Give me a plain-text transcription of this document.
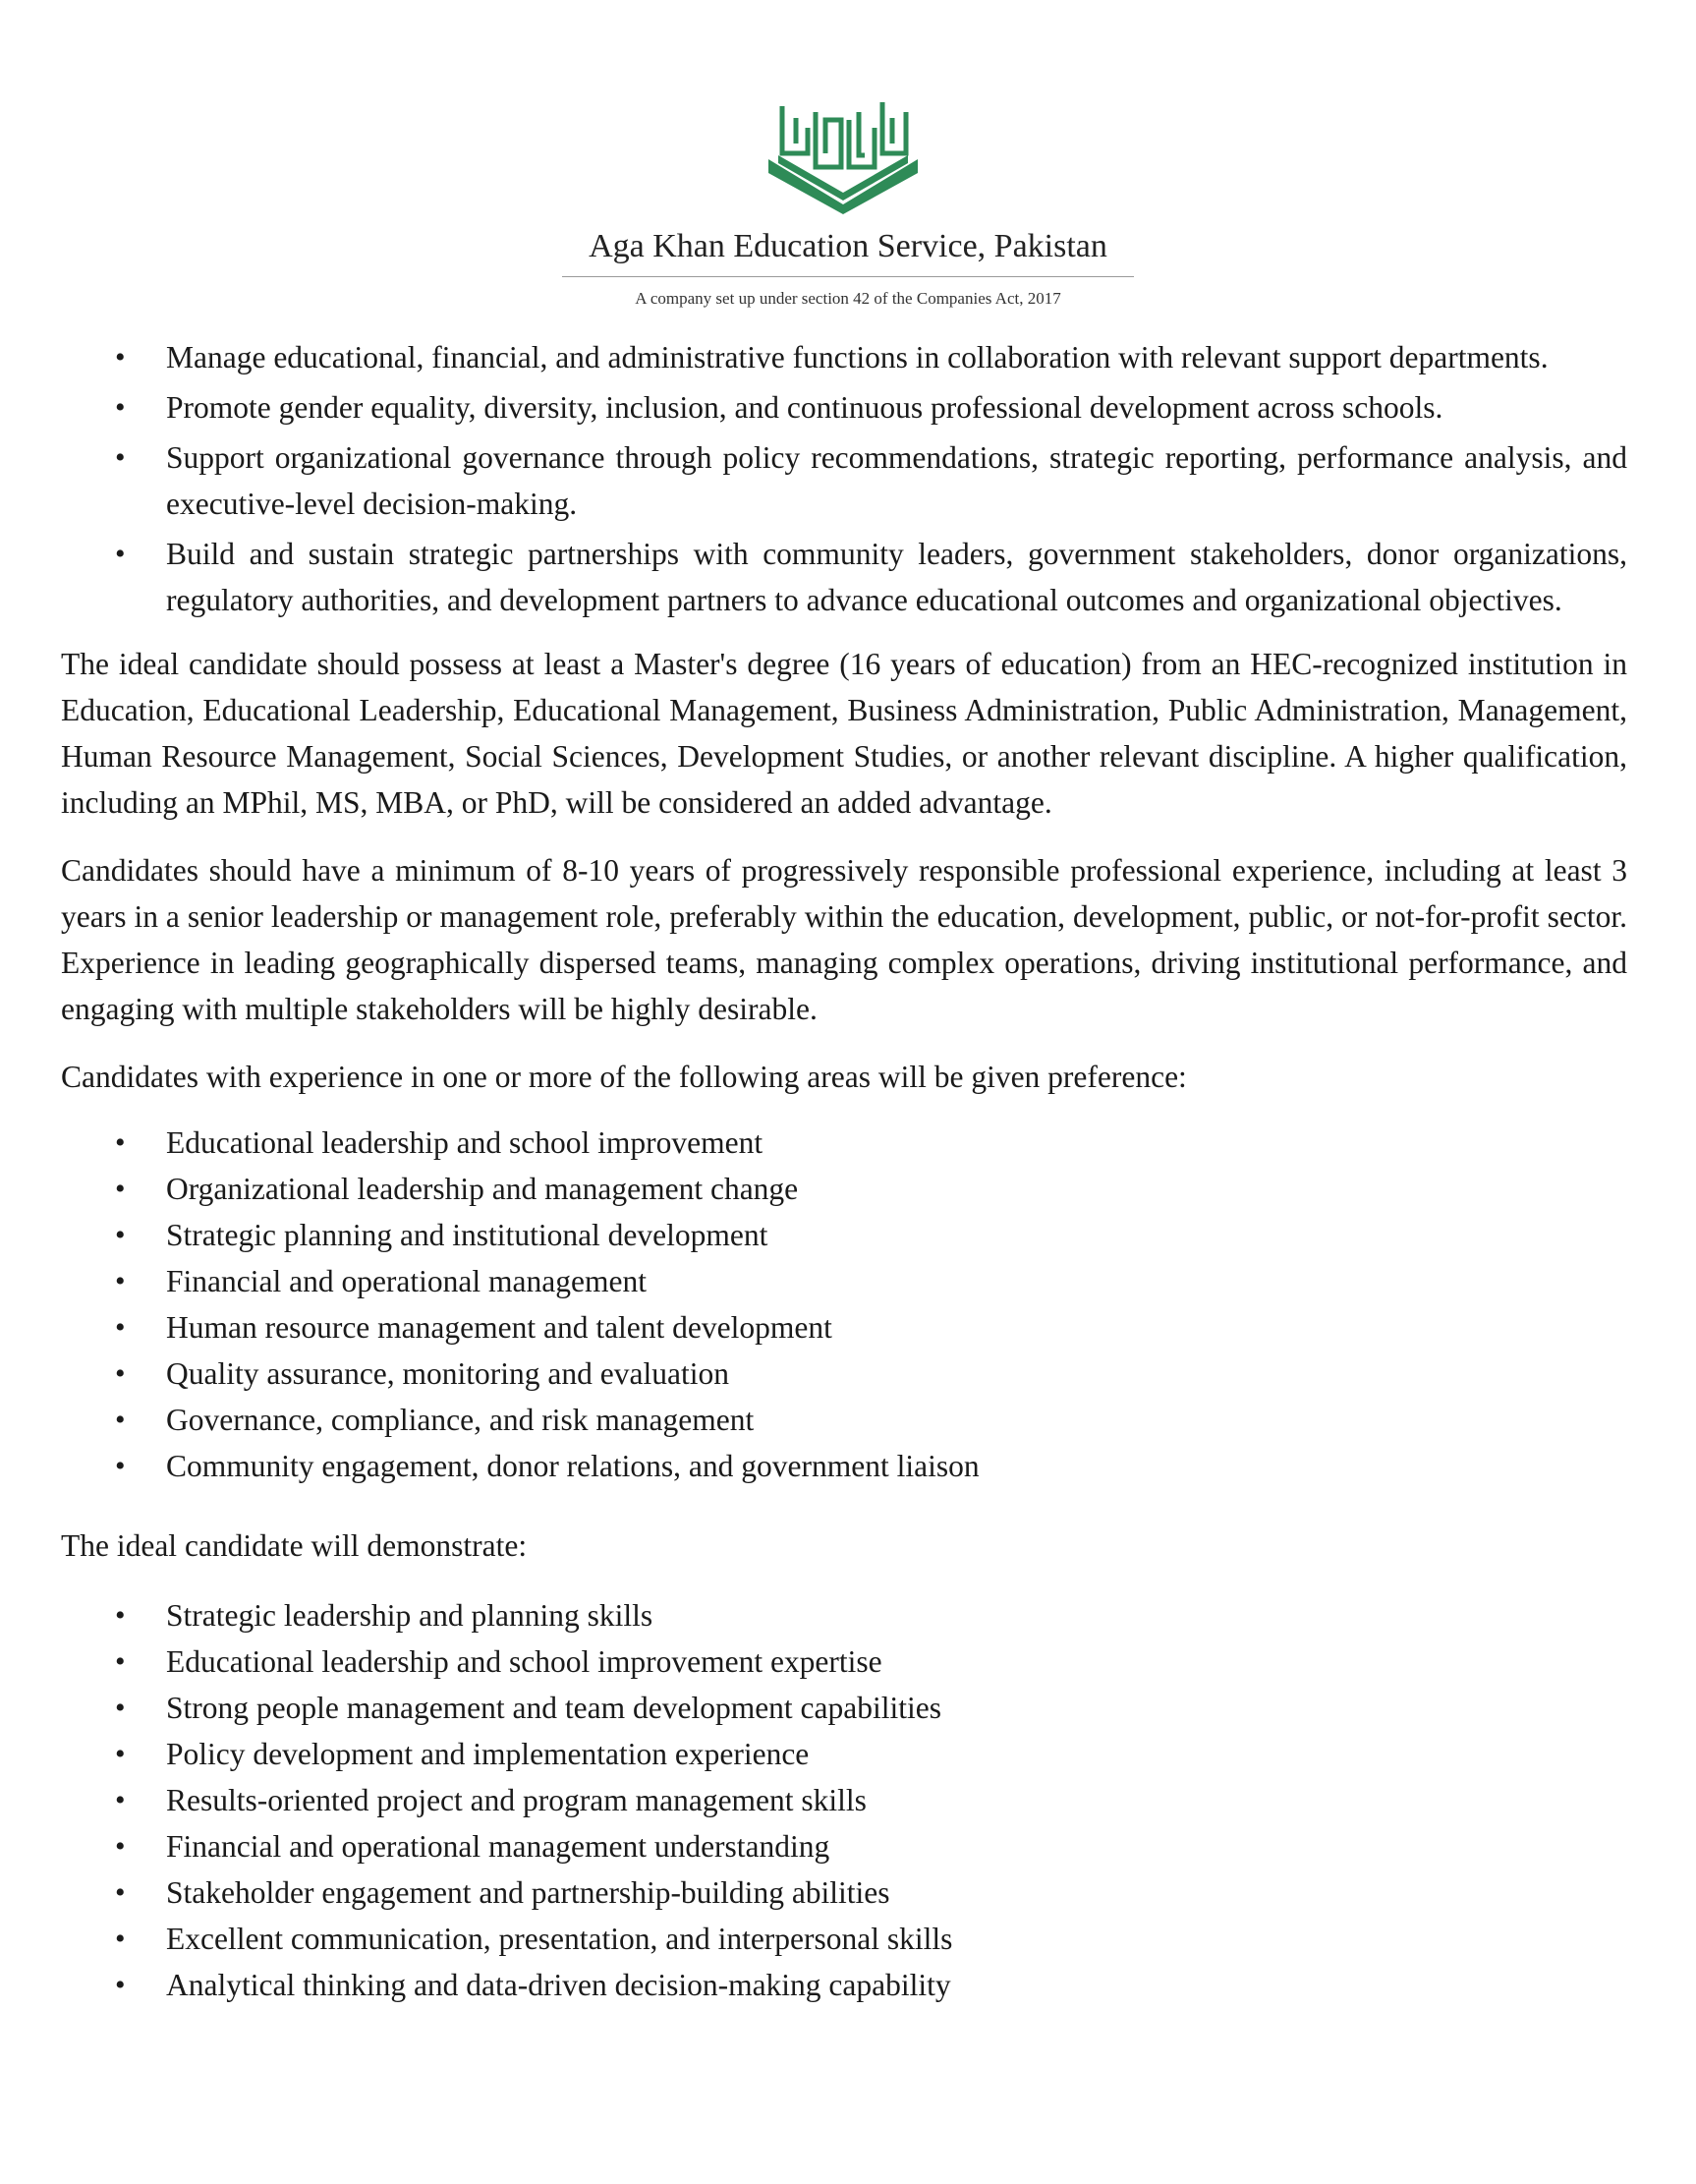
Aga Khan Education Service, Pakistan
A company set up under section 42 of the Companies Act, 2017
• Manage educational, financial, and administrative functions in collaboration with relevant support departments.
• Promote gender equality, diversity, inclusion, and continuous professional development across schools.
• Support organizational governance through policy recommendations, strategic reporting, performance analysis, and executive-level decision-making.
• Build and sustain strategic partnerships with community leaders, government stakeholders, donor organizations, regulatory authorities, and development partners to advance educational outcomes and organizational objectives.

The ideal candidate should possess at least a Master's degree (16 years of education) from an HEC-recognized institution in Education, Educational Leadership, Educational Management, Business Administration, Public Administration, Management, Human Resource Management, Social Sciences, Development Studies, or another relevant discipline. A higher qualification, including an MPhil, MS, MBA, or PhD, will be considered an added advantage.

Candidates should have a minimum of 8-10 years of progressively responsible professional experience, including at least 3 years in a senior leadership or management role, preferably within the education, development, public, or not-for-profit sector. Experience in leading geographically dispersed teams, managing complex operations, driving institutional performance, and engaging with multiple stakeholders will be highly desirable.

Candidates with experience in one or more of the following areas will be given preference:

• Educational leadership and school improvement
• Organizational leadership and management change
• Strategic planning and institutional development
• Financial and operational management
• Human resource management and talent development
• Quality assurance, monitoring and evaluation
• Governance, compliance, and risk management
• Community engagement, donor relations, and government liaison

The ideal candidate will demonstrate:

• Strategic leadership and planning skills
• Educational leadership and school improvement expertise
• Strong people management and team development capabilities
• Policy development and implementation experience
• Results-oriented project and program management skills
• Financial and operational management understanding
• Stakeholder engagement and partnership-building abilities
• Excellent communication, presentation, and interpersonal skills
• Analytical thinking and data-driven decision-making capability
